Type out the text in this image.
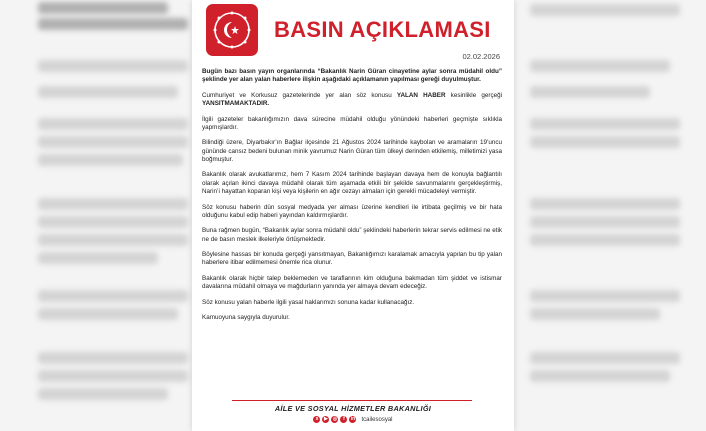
BASIN AÇIKLAMASI
02.02.2026

Bugün bazı basın yayın organlarında “Bakanlık Narin Güran cinayetine aylar sonra müdahil oldu” şeklinde yer alan yalan haberlere ilişkin aşağıdaki açıklamanın yapılması gereği duyulmuştur.

Cumhuriyet ve Korkusuz gazetelerinde yer alan söz konusu YALAN HABER kesinlikle gerçeği YANSITMAMAKTADIR.

İlgili gazeteler bakanlığımızın dava sürecine müdahil olduğu yönündeki haberleri geçmişte sıklıkla yapmışlardır.

Bilindiği üzere, Diyarbakır’ın Bağlar ilçesinde 21 Ağustos 2024 tarihinde kaybolan ve aramaların 19’uncu gününde cansız bedeni bulunan minik yavrumuz Narin Güran tüm ülkeyi derinden etkilemiş, milletimizi yasa boğmuştur.

Bakanlık olarak avukatlarımız, hem 7 Kasım 2024 tarihinde başlayan davaya hem de konuyla bağlantılı olarak açılan ikinci davaya müdahil olarak tüm aşamada etkili bir şekilde savunmalarını gerçekleştirmiş, Narin’i hayattan koparan kişi veya kişilerin en ağır cezayı almaları için gerekli mücadeleyi vermiştir.

Söz konusu haberin dün sosyal medyada yer alması üzerine kendileri ile irtibata geçilmiş ve bir hata olduğunu kabul edip haberi yayından kaldırmışlardır.

Buna rağmen bugün, “Bakanlık aylar sonra müdahil oldu” şeklindeki haberlerin tekrar servis edilmesi ne etik ne de basın meslek ilkeleriyle örtüşmektedir.

Böylesine hassas bir konuda gerçeği yansıtmayan, Bakanlığımızı karalamak amacıyla yapılan bu tip yalan haberlere itibar edilmemesi önemle rica olunur.

Bakanlık olarak hiçbir talep beklemeden ve taraflarının kim olduğuna bakmadan tüm şiddet ve istismar davalarına müdahil olmaya ve mağdurların yanında yer almaya devam edeceğiz.

Söz konusu yalan haberle ilgili yasal haklarımızı sonuna kadar kullanacağız.

Kamuoyuna saygıyla duyurulur.

AİLE VE SOSYAL HİZMETLER BAKANLIĞI
x	▶ ◎	f	in tcailesosyal
